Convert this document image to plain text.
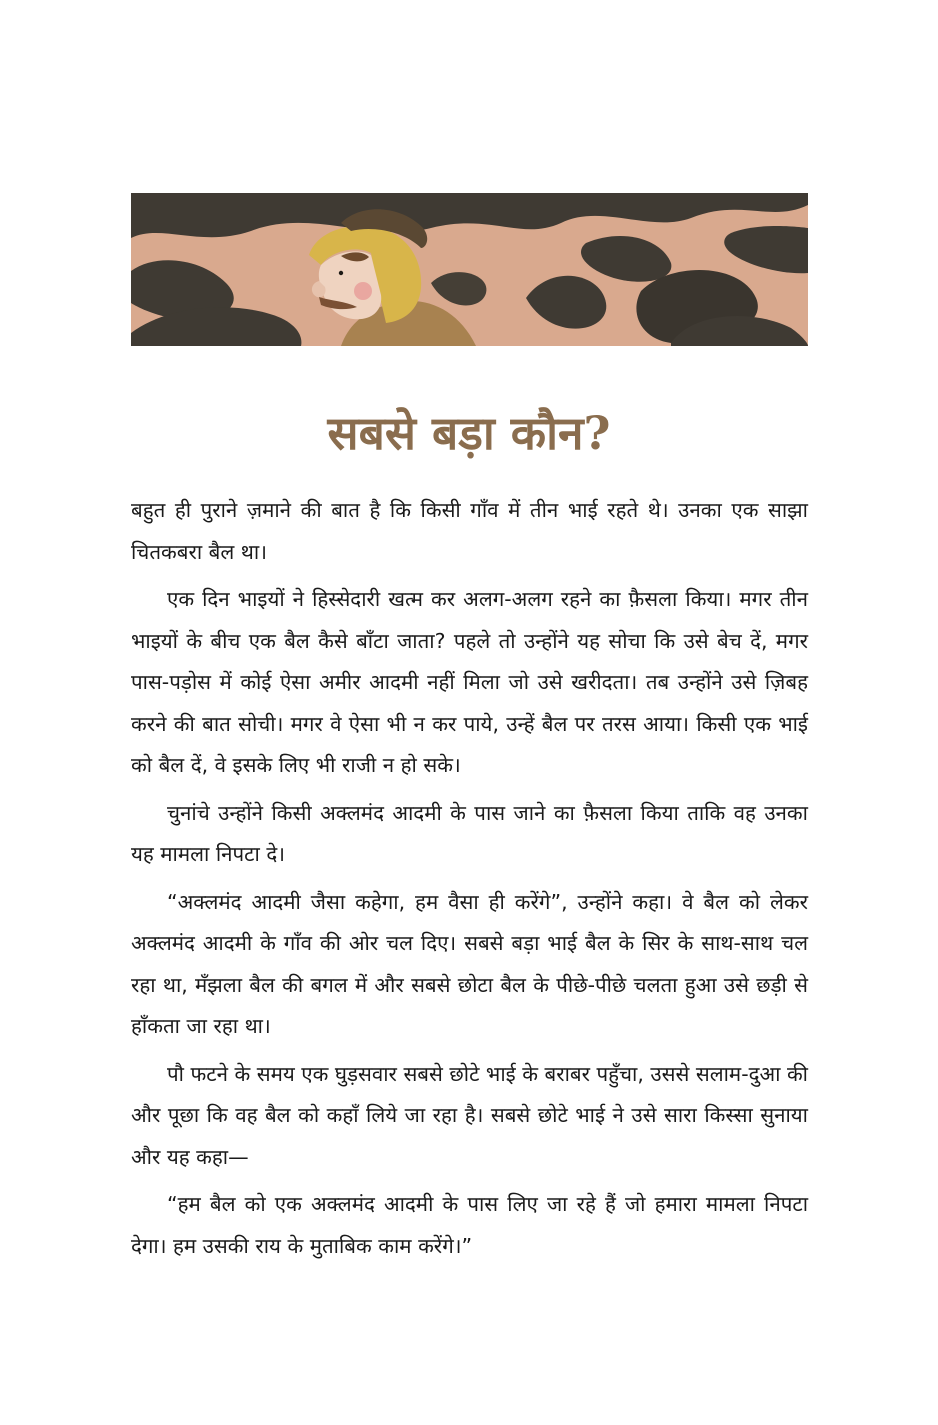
सबसे बड़ा कौन?

बहुत ही पुराने ज़माने की बात है कि किसी गाँव में तीन भाई रहते थे। उनका एक साझा चितकबरा बैल था।

एक दिन भाइयों ने हिस्सेदारी खत्म कर अलग-अलग रहने का फ़ैसला किया। मगर तीन भाइयों के बीच एक बैल कैसे बाँटा जाता? पहले तो उन्होंने यह सोचा कि उसे बेच दें, मगर पास-पड़ोस में कोई ऐसा अमीर आदमी नहीं मिला जो उसे खरीदता। तब उन्होंने उसे ज़िबह करने की बात सोची। मगर वे ऐसा भी न कर पाये, उन्हें बैल पर तरस आया। किसी एक भाई को बैल दें, वे इसके लिए भी राजी न हो सके।

चुनांचे उन्होंने किसी अक्लमंद आदमी के पास जाने का फ़ैसला किया ताकि वह उनका यह मामला निपटा दे।

“अक्लमंद आदमी जैसा कहेगा, हम वैसा ही करेंगे”, उन्होंने कहा। वे बैल को लेकर अक्लमंद आदमी के गाँव की ओर चल दिए। सबसे बड़ा भाई बैल के सिर के साथ-साथ चल रहा था, मँझला बैल की बगल में और सबसे छोटा बैल के पीछे-पीछे चलता हुआ उसे छड़ी से हाँकता जा रहा था।

पौ फटने के समय एक घुड़सवार सबसे छोटे भाई के बराबर पहुँचा, उससे सलाम-दुआ की और पूछा कि वह बैल को कहाँ लिये जा रहा है। सबसे छोटे भाई ने उसे सारा किस्सा सुनाया और यह कहा—

“हम बैल को एक अक्लमंद आदमी के पास लिए जा रहे हैं जो हमारा मामला निपटा देगा। हम उसकी राय के मुताबिक काम करेंगे।”
